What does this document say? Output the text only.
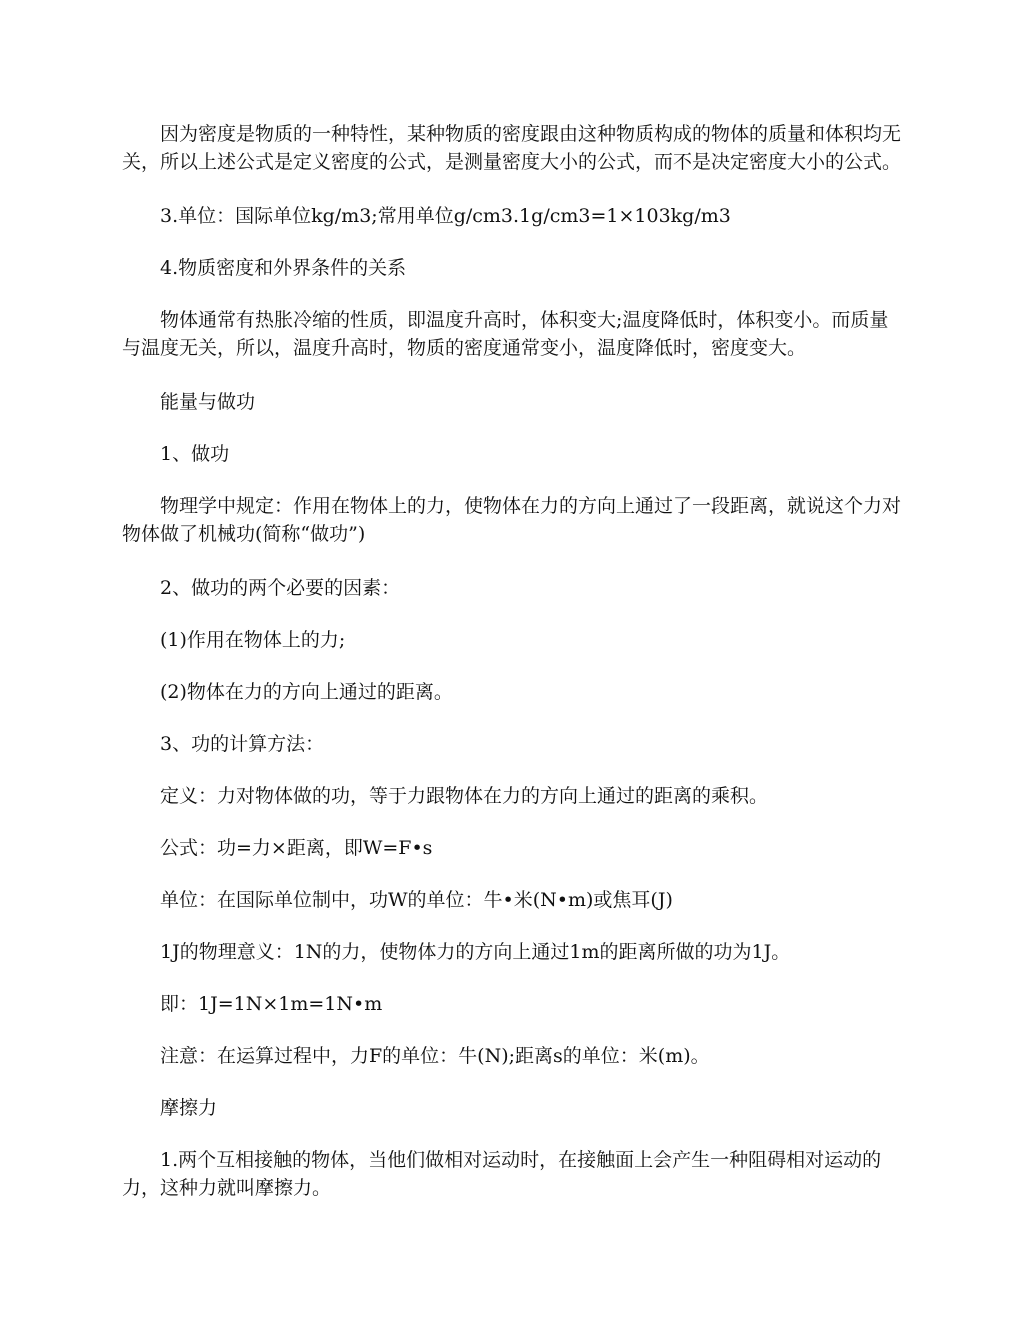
因为密度是物质的一种特性，某种物质的密度跟由这种物质构成的物体的质量和体积均无关，所以上述公式是定义密度的公式，是测量密度大小的公式，而不是决定密度大小的公式。

3.单位：国际单位kg/m3;常用单位g/cm3.1g/cm3=1×103kg/m3

4.物质密度和外界条件的关系

物体通常有热胀冷缩的性质，即温度升高时，体积变大;温度降低时，体积变小。而质量与温度无关，所以，温度升高时，物质的密度通常变小，温度降低时，密度变大。

能量与做功

1、做功

物理学中规定：作用在物体上的力，使物体在力的方向上通过了一段距离，就说这个力对物体做了机械功(简称“做功”)

2、做功的两个必要的因素：

(1)作用在物体上的力;

(2)物体在力的方向上通过的距离。

3、功的计算方法：

定义：力对物体做的功，等于力跟物体在力的方向上通过的距离的乘积。

公式：功=力×距离，即W=F•s

单位：在国际单位制中，功W的单位：牛•米(N•m)或焦耳(J)

1J的物理意义：1N的力，使物体力的方向上通过1m的距离所做的功为1J。

即：1J=1N×1m=1N•m

注意：在运算过程中，力F的单位：牛(N);距离s的单位：米(m)。

摩擦力

1.两个互相接触的物体，当他们做相对运动时，在接触面上会产生一种阻碍相对运动的力，这种力就叫摩擦力。
